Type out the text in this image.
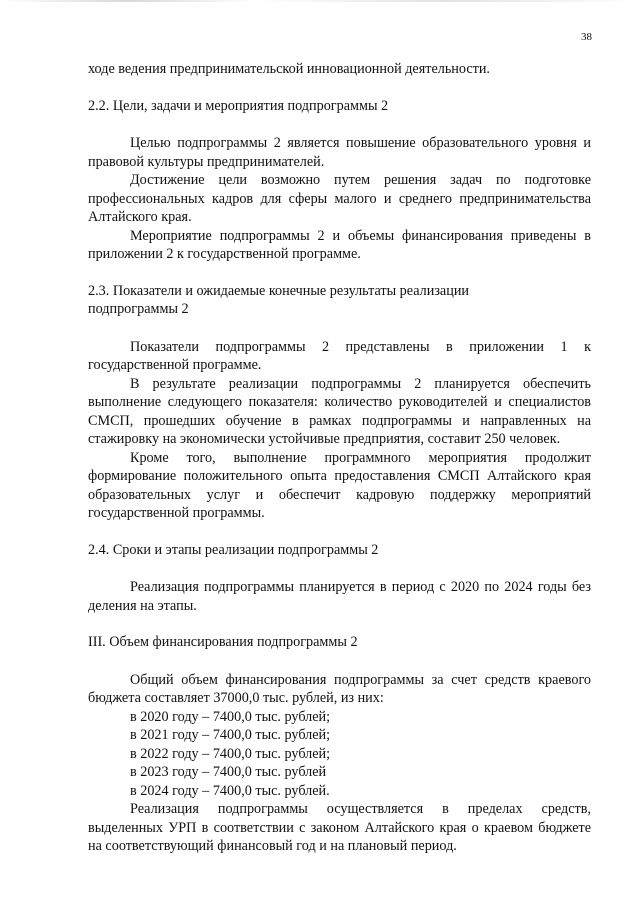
38

ходе ведения предпринимательской инновационной деятельности.

2.2. Цели, задачи и мероприятия подпрограммы 2

Целью подпрограммы 2 является повышение образовательного уровня и правовой культуры предпринимателей.

Достижение цели возможно путем решения задач по подготовке профессиональных кадров для сферы малого и среднего предпринимательства Алтайского края.

Мероприятие подпрограммы 2 и объемы финансирования приведены в приложении 2 к государственной программе.

2.3. Показатели и ожидаемые конечные результаты реализации

подпрограммы 2

Показатели подпрограммы 2 представлены в приложении 1 к государственной программе.

В результате реализации подпрограммы 2 планируется обеспечить выполнение следующего показателя: количество руководителей и специалистов СМСП, прошедших обучение в рамках подпрограммы и направленных на стажировку на экономически устойчивые предприятия, составит 250 человек.

Кроме того, выполнение программного мероприятия продолжит формирование положительного опыта предоставления СМСП Алтайского края образовательных услуг и обеспечит кадровую поддержку мероприятий государственной программы.

2.4. Сроки и этапы реализации подпрограммы 2

Реализация подпрограммы планируется в период с 2020 по 2024 годы без деления на этапы.

III. Объем финансирования подпрограммы 2

Общий объем финансирования подпрограммы за счет средств краевого бюджета составляет 37000,0 тыс. рублей, из них:

в 2020 году – 7400,0 тыс. рублей;

в 2021 году – 7400,0 тыс. рублей;

в 2022 году – 7400,0 тыс. рублей;

в 2023 году – 7400,0 тыс. рублей

в 2024 году – 7400,0 тыс. рублей.

Реализация подпрограммы осуществляется в пределах средств, выделенных УРП в соответствии с законом Алтайского края о краевом бюджете на соответствующий финансовый год и на плановый период.
